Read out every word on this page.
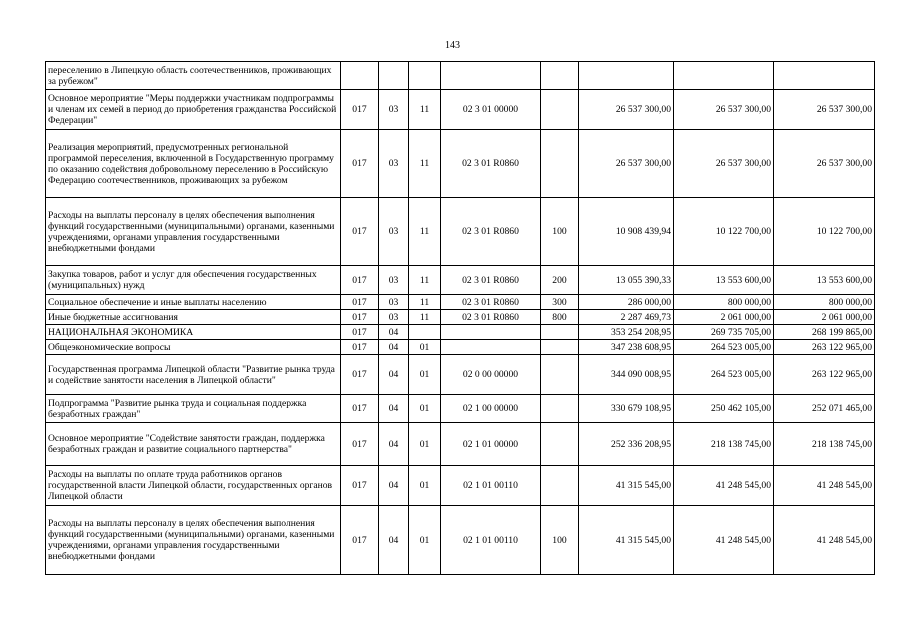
143
переселению в Липецкую область соотечественников, проживающих за рубежом"								
Основное мероприятие "Меры поддержки участникам подпрограммы и членам их семей в период до приобретения гражданства Российской Федерации"	017	03	11	02 3 01 00000		26 537 300,00	26 537 300,00	26 537 300,00
Реализация мероприятий, предусмотренных региональной программой переселения, включенной в Государственную программу по оказанию содействия добровольному переселению в Российскую Федерацию соотечественников, проживающих за рубежом	017	03	11	02 3 01 R0860		26 537 300,00	26 537 300,00	26 537 300,00
Расходы на выплаты персоналу в целях обеспечения выполнения функций государственными (муниципальными) органами, казенными учреждениями, органами управления государственными внебюджетными фондами	017	03	11	02 3 01 R0860	100	10 908 439,94	10 122 700,00	10 122 700,00
Закупка товаров, работ и услуг для обеспечения государственных (муниципальных) нужд	017	03	11	02 3 01 R0860	200	13 055 390,33	13 553 600,00	13 553 600,00
Социальное обеспечение и иные выплаты населению	017	03	11	02 3 01 R0860	300	286 000,00	800 000,00	800 000,00
Иные бюджетные ассигнования	017	03	11	02 3 01 R0860	800	2 287 469,73	2 061 000,00	2 061 000,00
НАЦИОНАЛЬНАЯ ЭКОНОМИКА	017	04				353 254 208,95	269 735 705,00	268 199 865,00
Общеэкономические вопросы	017	04	01			347 238 608,95	264 523 005,00	263 122 965,00
Государственная программа Липецкой области "Развитие рынка труда и содействие занятости населения в Липецкой области"	017	04	01	02 0 00 00000		344 090 008,95	264 523 005,00	263 122 965,00
Подпрограмма "Развитие рынка труда и социальная поддержка безработных граждан"	017	04	01	02 1 00 00000		330 679 108,95	250 462 105,00	252 071 465,00
Основное мероприятие "Содействие занятости граждан, поддержка безработных граждан и развитие социального партнерства"	017	04	01	02 1 01 00000		252 336 208,95	218 138 745,00	218 138 745,00
Расходы на выплаты по оплате труда работников органов государственной власти Липецкой области, государственных органов Липецкой области	017	04	01	02 1 01 00110		41 315 545,00	41 248 545,00	41 248 545,00
Расходы на выплаты персоналу в целях обеспечения выполнения функций государственными (муниципальными) органами, казенными учреждениями, органами управления государственными внебюджетными фондами	017	04	01	02 1 01 00110	100	41 315 545,00	41 248 545,00	41 248 545,00
